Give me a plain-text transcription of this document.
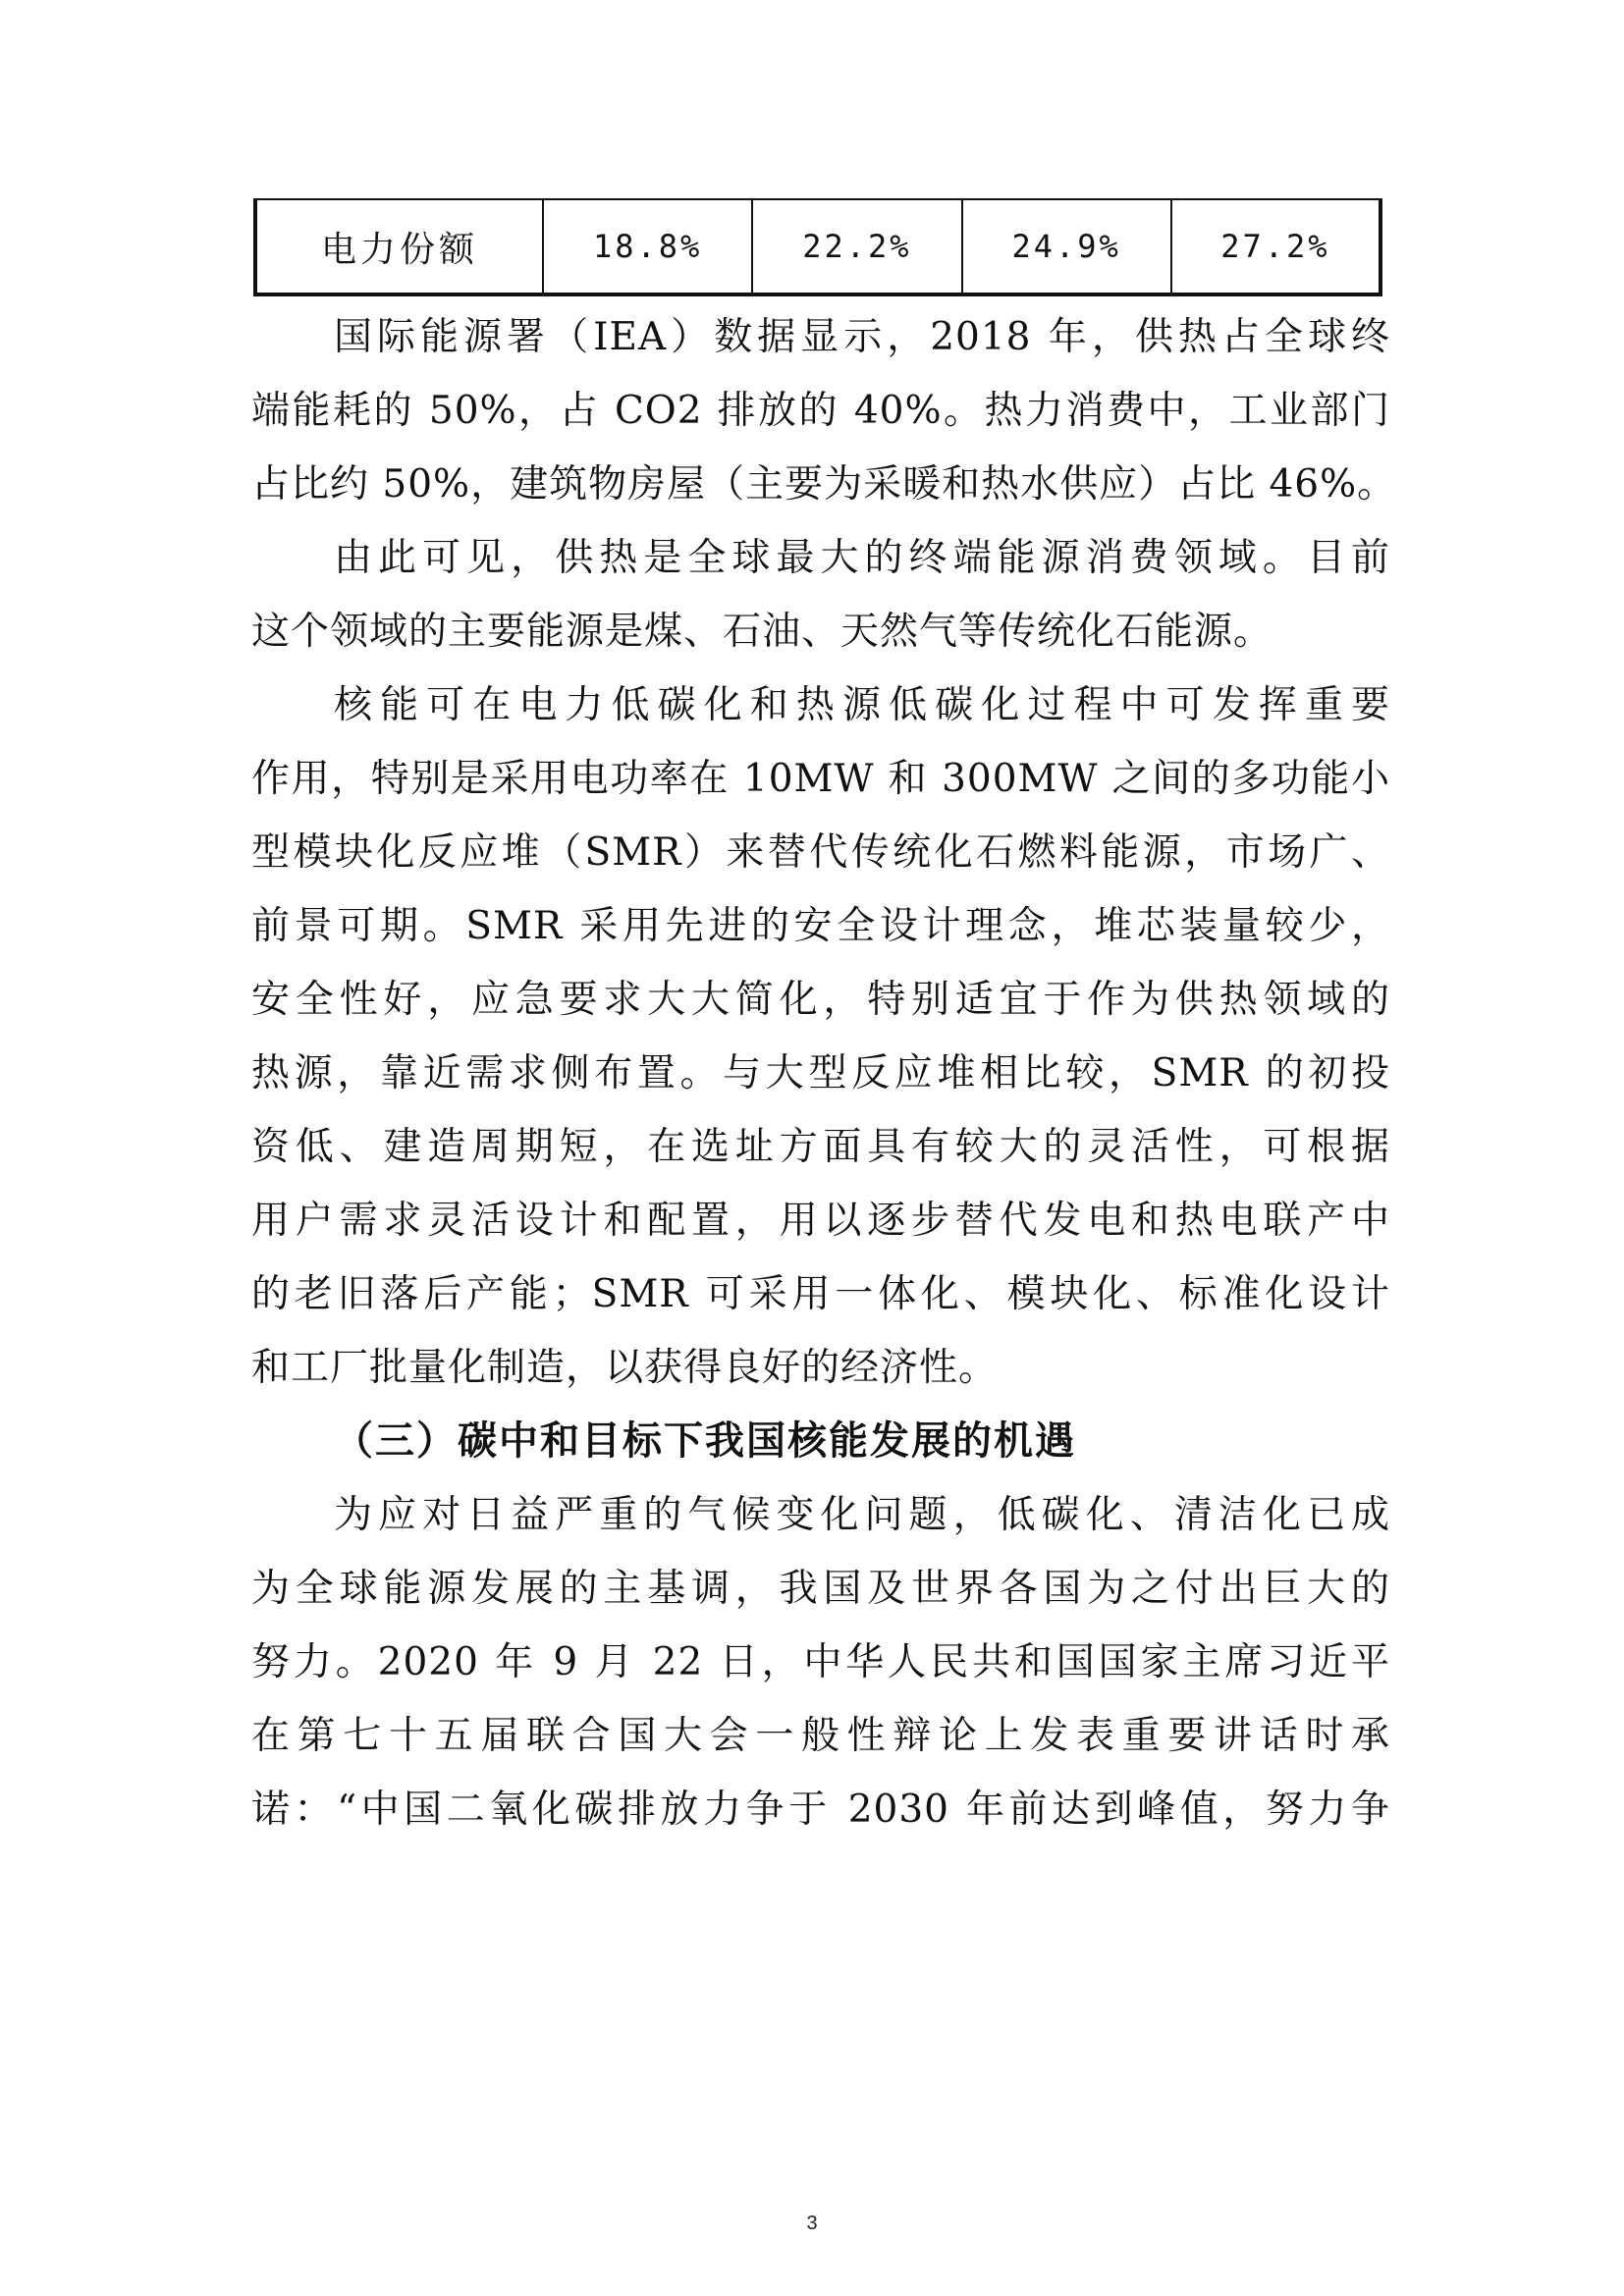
电力份额	18.8%	22.2%	24.9%	27.2%
国际能源署（IEA）数据显示，2018 年，供热占全球终
端能耗的 50%，占 CO2 排放的 40%。热力消费中，工业部门
占比约 50%，建筑物房屋（主要为采暖和热水供应）占比 46%。
由此可见，供热是全球最大的终端能源消费领域。目前
这个领域的主要能源是煤、石油、天然气等传统化石能源。
核能可在电力低碳化和热源低碳化过程中可发挥重要
作用，特别是采用电功率在 10MW 和 300MW 之间的多功能小
型模块化反应堆（SMR）来替代传统化石燃料能源，市场广、
前景可期。SMR 采用先进的安全设计理念，堆芯装量较少，
安全性好，应急要求大大简化，特别适宜于作为供热领域的
热源，靠近需求侧布置。与大型反应堆相比较，SMR 的初投
资低、建造周期短，在选址方面具有较大的灵活性，可根据
用户需求灵活设计和配置，用以逐步替代发电和热电联产中
的老旧落后产能；SMR 可采用一体化、模块化、标准化设计
和工厂批量化制造，以获得良好的经济性。
（三）碳中和目标下我国核能发展的机遇
为应对日益严重的气候变化问题，低碳化、清洁化已成
为全球能源发展的主基调，我国及世界各国为之付出巨大的
努力。2020 年 9 月 22 日，中华人民共和国国家主席习近平
在第七十五届联合国大会一般性辩论上发表重要讲话时承
诺：“中国二氧化碳排放力争于 2030 年前达到峰值，努力争
3
